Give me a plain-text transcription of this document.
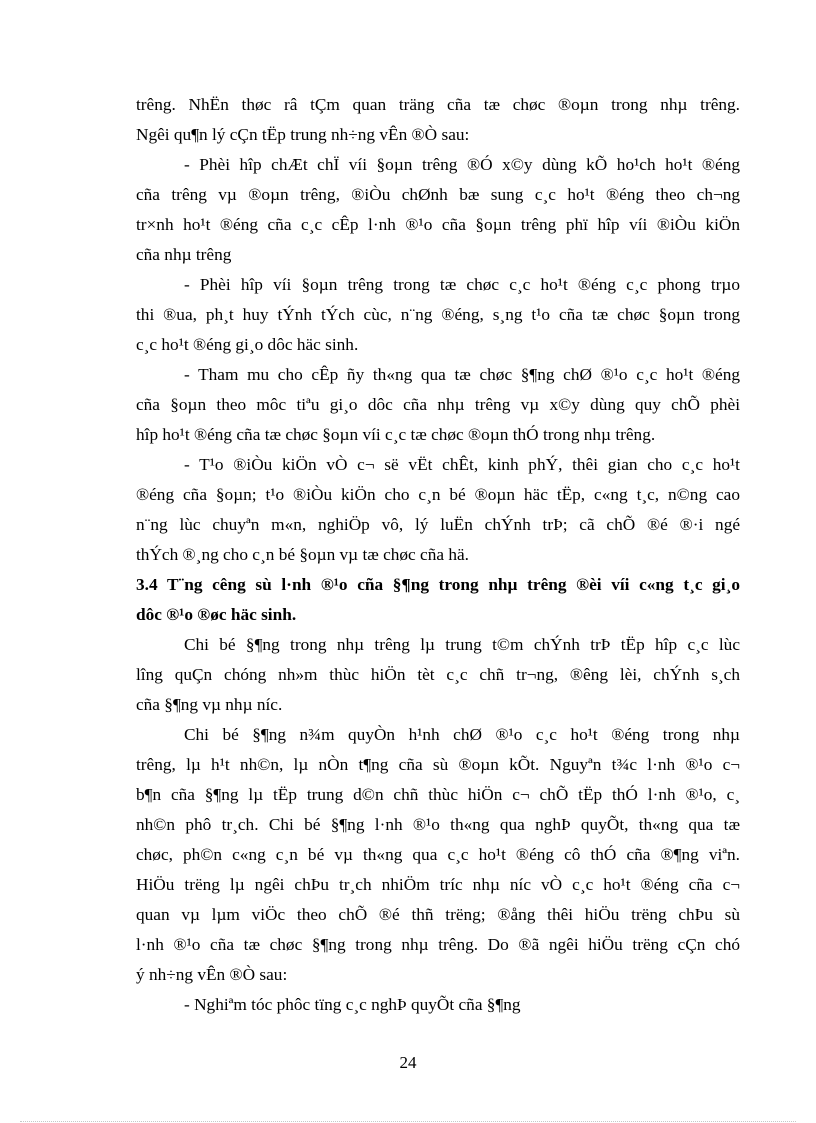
trêng. NhËn thøc râ tÇm quan träng cña tæ chøc ®oµn trong nhµ trêng.
Ngêi qu¶n lý cÇn tËp trung nh÷ng vÊn ®Ò sau:
- Phèi hîp chÆt chÏ víi §oµn trêng ®Ó x©y dùng kÕ ho¹ch ho¹t ®éng
cña trêng vµ ®oµn trêng, ®iÒu chØnh bæ sung c¸c ho¹t ®éng theo ch¬ng
tr×nh ho¹t ®éng cña c¸c cÊp l·nh ®¹o cña §oµn trêng phï hîp víi ®iÒu kiÖn
cña nhµ trêng
- Phèi hîp víi §oµn trêng trong tæ chøc c¸c ho¹t ®éng c¸c phong trµo
thi ®ua, ph¸t huy tÝnh tÝch cùc, n¨ng ®éng, s¸ng t¹o cña tæ chøc §oµn trong
c¸c ho¹t ®éng gi¸o dôc häc sinh.
- Tham mu cho cÊp ñy th«ng qua tæ chøc §¶ng chØ ®¹o c¸c ho¹t ®éng
cña §oµn theo môc tiªu gi¸o dôc cña nhµ trêng vµ x©y dùng quy chÕ phèi
hîp ho¹t ®éng cña tæ chøc §oµn víi c¸c tæ chøc ®oµn thÓ trong nhµ trêng.
- T¹o ®iÒu kiÖn vÒ c¬ së vËt chÊt, kinh phÝ, thêi gian cho c¸c ho¹t
®éng cña §oµn; t¹o ®iÒu kiÖn cho c¸n bé ®oµn häc tËp, c«ng t¸c, n©ng cao
n¨ng lùc chuyªn m«n, nghiÖp vô, lý luËn chÝnh trÞ; cã chÕ ®é ®·i ngé
thÝch ®¸ng cho c¸n bé §oµn vµ tæ chøc cña hä.
3.4 T¨ng cêng sù l·nh ®¹o cña §¶ng trong nhµ trêng ®èi víi c«ng t¸c gi¸o
dôc ®¹o ®øc häc sinh.
Chi bé §¶ng trong nhµ trêng lµ trung t©m chÝnh trÞ tËp hîp c¸c lùc
lîng quÇn chóng nh»m thùc hiÖn tèt c¸c chñ tr¬ng, ®êng lèi, chÝnh s¸ch
cña §¶ng vµ nhµ níc.
Chi bé §¶ng n¾m quyÒn h¹nh chØ ®¹o c¸c ho¹t ®éng trong nhµ
trêng, lµ h¹t nh©n, lµ nÒn t¶ng cña sù ®oµn kÕt. Nguyªn t¾c l·nh ®¹o c¬
b¶n cña §¶ng lµ tËp trung d©n chñ thùc hiÖn c¬ chÕ tËp thÓ l·nh ®¹o, c¸
nh©n phô tr¸ch. Chi bé §¶ng l·nh ®¹o th«ng qua nghÞ quyÕt, th«ng qua tæ
chøc, ph©n c«ng c¸n bé vµ th«ng qua c¸c ho¹t ®éng cô thÓ cña ®¶ng viªn.
HiÖu trëng lµ ngêi chÞu tr¸ch nhiÖm tríc nhµ níc vÒ c¸c ho¹t ®éng cña c¬
quan vµ lµm viÖc theo chÕ ®é thñ trëng; ®ång thêi hiÖu trëng chÞu sù
l·nh ®¹o cña tæ chøc §¶ng trong nhµ trêng. Do ®ã ngêi hiÖu trëng cÇn chó
ý nh÷ng vÊn ®Ò sau:
- Nghiªm tóc phôc tïng c¸c nghÞ quyÕt cña §¶ng
24
